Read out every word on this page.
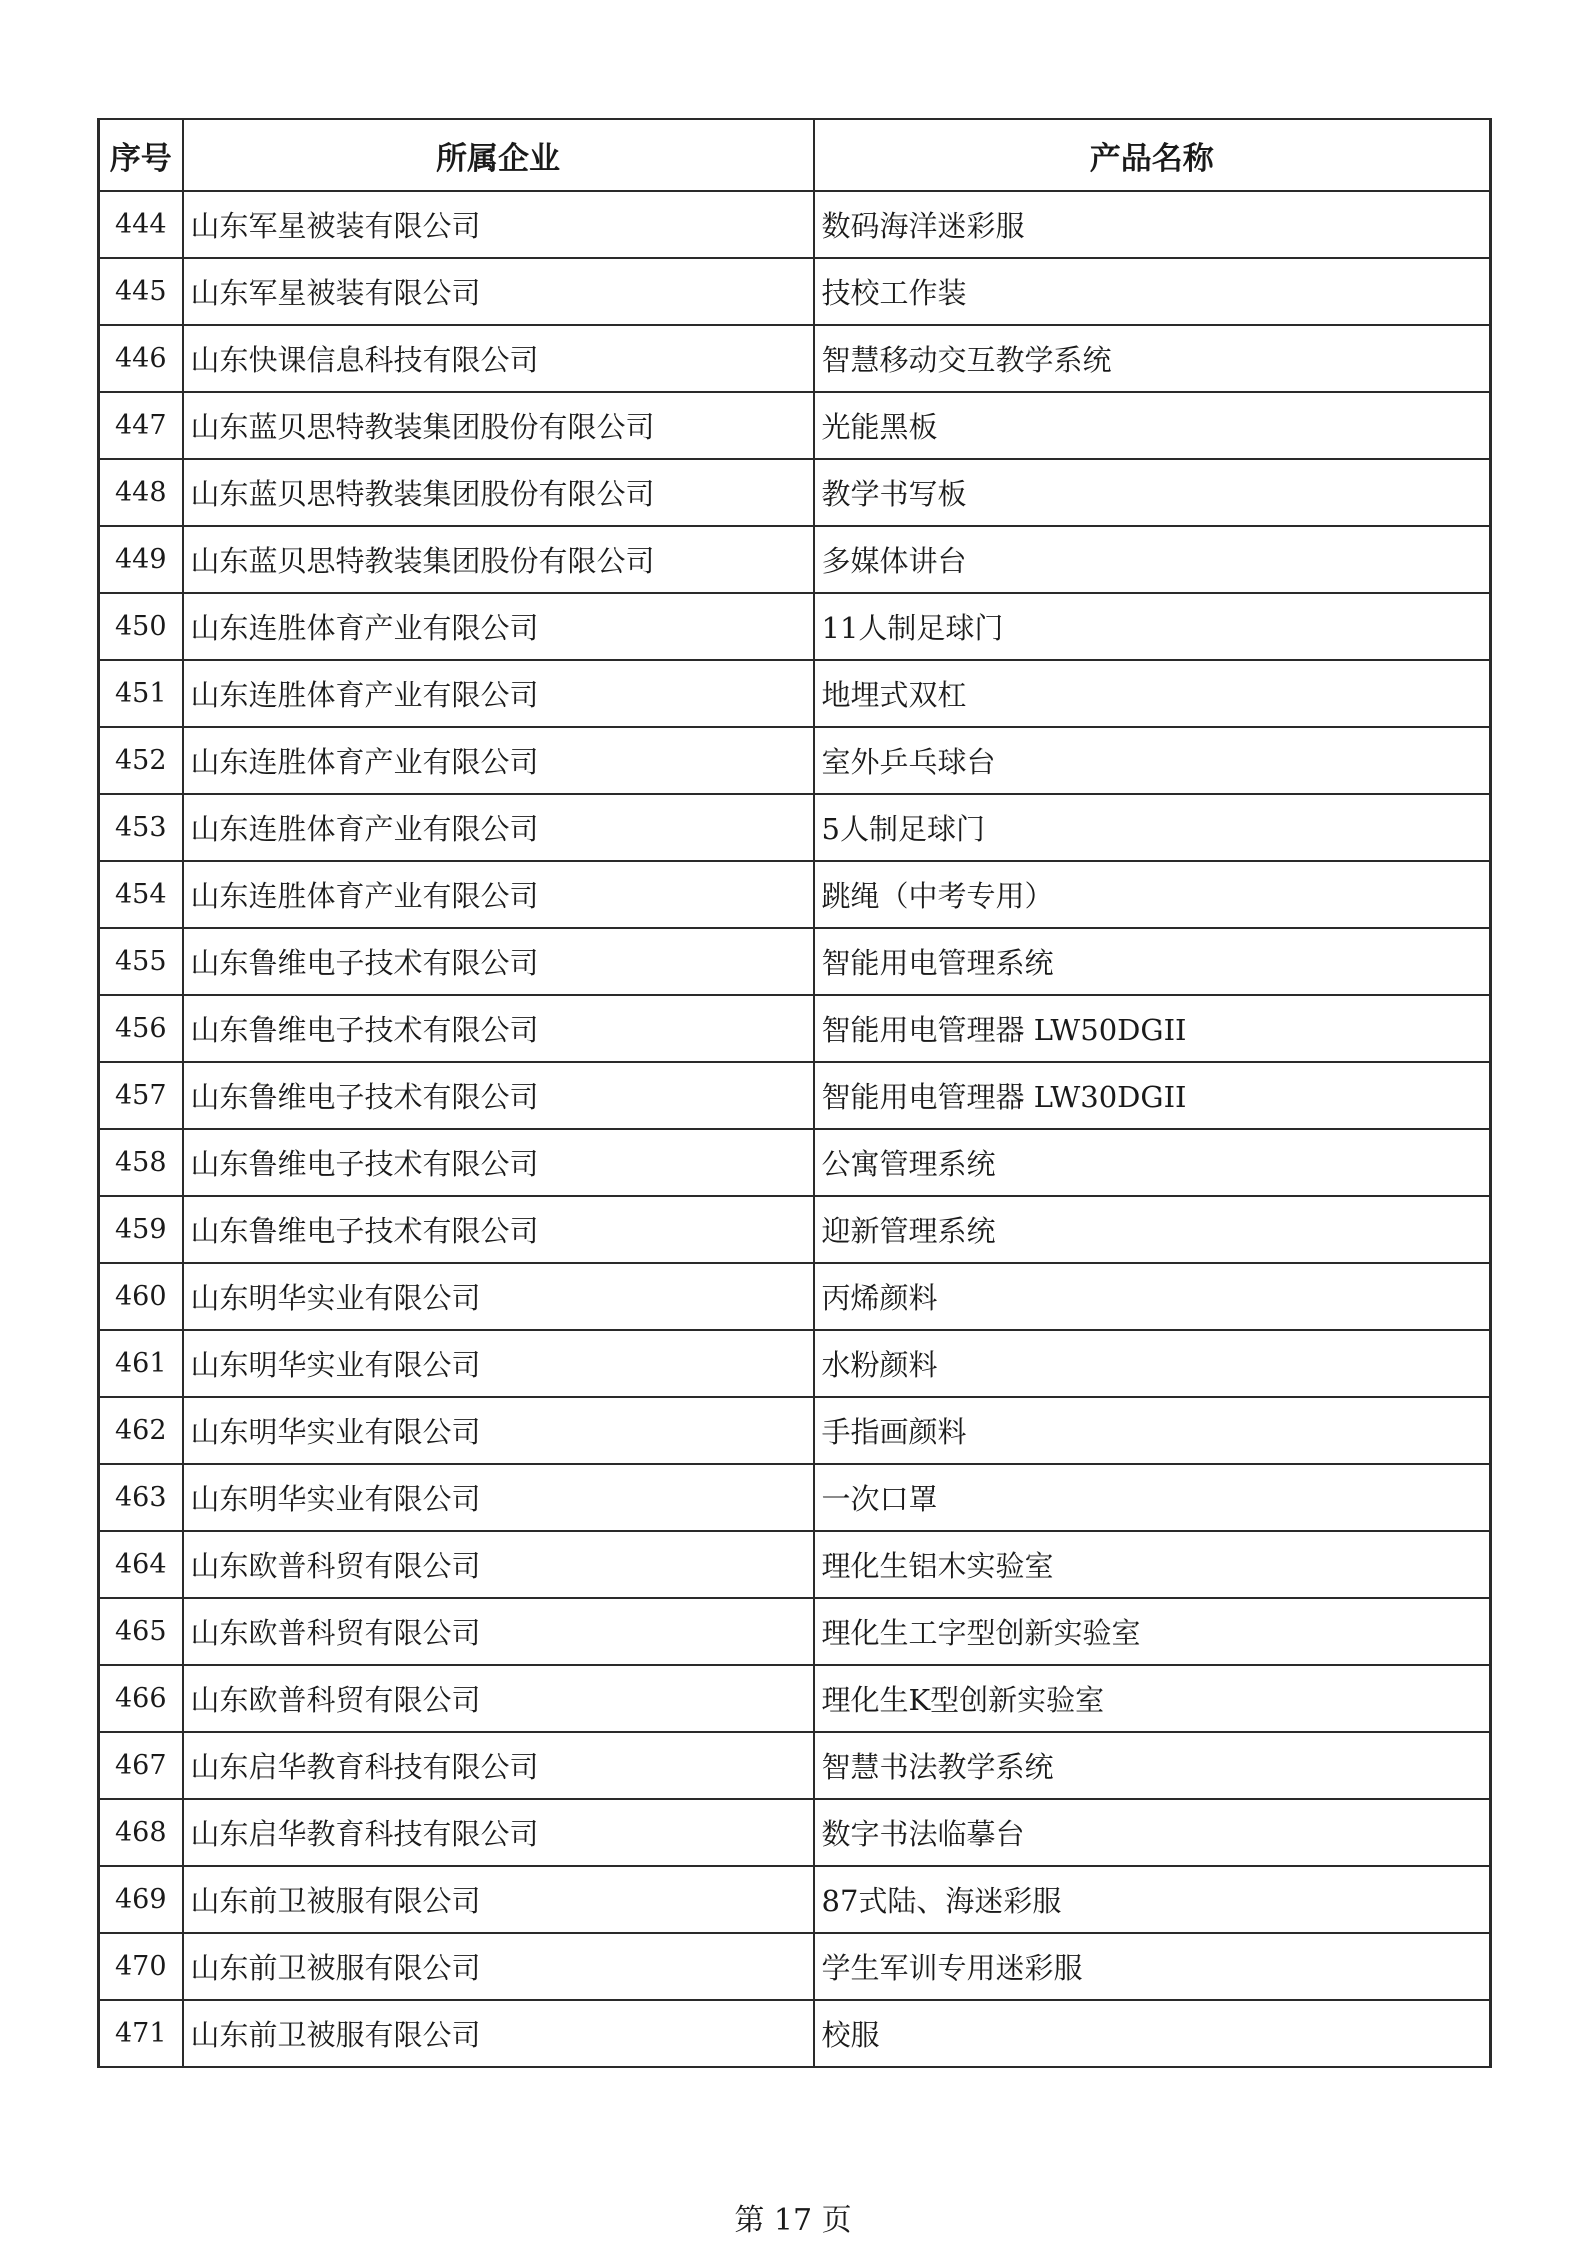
序号	所属企业	产品名称
444	山东军星被装有限公司	数码海洋迷彩服
445	山东军星被装有限公司	技校工作装
446	山东快课信息科技有限公司	智慧移动交互教学系统
447	山东蓝贝思特教装集团股份有限公司	光能黑板
448	山东蓝贝思特教装集团股份有限公司	教学书写板
449	山东蓝贝思特教装集团股份有限公司	多媒体讲台
450	山东连胜体育产业有限公司	11人制足球门
451	山东连胜体育产业有限公司	地埋式双杠
452	山东连胜体育产业有限公司	室外乒乓球台
453	山东连胜体育产业有限公司	5人制足球门
454	山东连胜体育产业有限公司	跳绳（中考专用）
455	山东鲁维电子技术有限公司	智能用电管理系统
456	山东鲁维电子技术有限公司	智能用电管理器 LW50DGII
457	山东鲁维电子技术有限公司	智能用电管理器 LW30DGII
458	山东鲁维电子技术有限公司	公寓管理系统
459	山东鲁维电子技术有限公司	迎新管理系统
460	山东明华实业有限公司	丙烯颜料
461	山东明华实业有限公司	水粉颜料
462	山东明华实业有限公司	手指画颜料
463	山东明华实业有限公司	一次口罩
464	山东欧普科贸有限公司	理化生铝木实验室
465	山东欧普科贸有限公司	理化生工字型创新实验室
466	山东欧普科贸有限公司	理化生K型创新实验室
467	山东启华教育科技有限公司	智慧书法教学系统
468	山东启华教育科技有限公司	数字书法临摹台
469	山东前卫被服有限公司	87式陆、海迷彩服
470	山东前卫被服有限公司	学生军训专用迷彩服
471	山东前卫被服有限公司	校服
第 17 页
